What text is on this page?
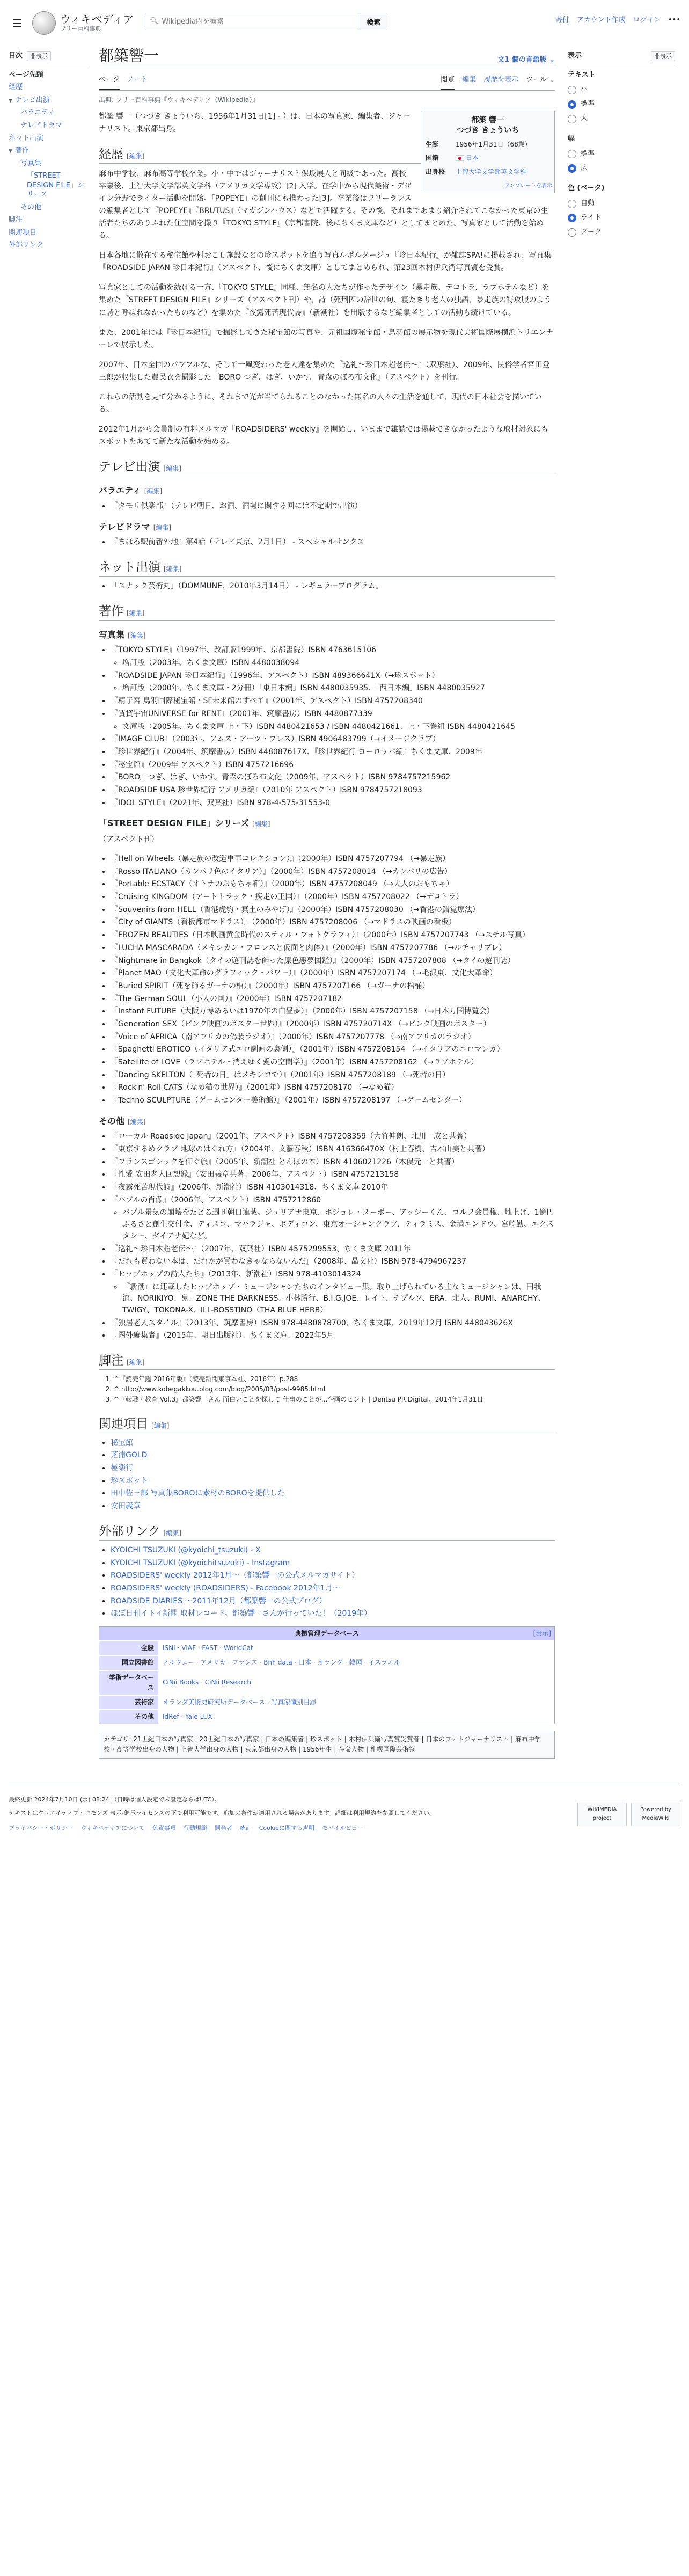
ウィキペディア
フリー百科事典
🔍︎
Wikipedia内を検索	検索	寄付 アカウント作成 ログイン •••
目次	非表示
ページ先頭
経歴
▼ テレビ出演
バラエティ
テレビドラマ
ネット出演
▼ 著作
写真集
「STREET DESIGN FILE」シリーズ
その他
脚注
関連項目
外部リンク
都築響一	文1 個の言語版 ⌄
ページ ノート	閲覧 編集 履歴を表示 ツール ⌄
出典: フリー百科事典『ウィキペディア（Wikipedia）』
都築 響一
つづき きょういち
生誕	1956年1月31日（68歳）
国籍	日本
出身校	上智大学文学部英文学科
テンプレートを表示

都築 響一（つづき きょういち、1956年1月31日[1] - ）は、日本の写真家、編集者、ジャーナリスト。東京都出身。

経歴 [編集]

麻布中学校、麻布高等学校卒業。小・中ではジャーナリスト保坂展人と同級であった。高校卒業後、上智大学文学部英文学科（アメリカ文学専攻）[2] 入学。在学中から現代美術・デザイン分野でライター活動を開始。「POPEYE」の創刊にも携わった[3]。卒業後はフリーランスの編集者として『POPEYE』『BRUTUS』（マガジンハウス）などで活躍する。その後、それまであまり紹介されてこなかった東京の生活者たちのありふれた住空間を撮り『TOKYO STYLE』（京都書院、後にちくま文庫など）としてまとめた。写真家として活動を始める。

日本各地に散在する秘宝館や村おこし施設などの珍スポットを追う写真ルポルタージュ『珍日本紀行』が雑誌SPA!に掲載され、写真集『ROADSIDE JAPAN 珍日本紀行』（アスペクト、後にちくま文庫）としてまとめられ、第23回木村伊兵衛写真賞を受賞。

写真家としての活動を続ける一方、『TOKYO STYLE』同様、無名の人たちが作ったデザイン（暴走族、デコトラ、ラブホテルなど）を集めた『STREET DESIGN FILE』シリーズ（アスペクト刊）や、詩（死刑囚の辞世の句、寝たきり老人の独語、暴走族の特攻服のように詩と呼ばれなかったものなど）を集めた『夜露死苦現代詩』（新潮社）を出版するなど編集者としての活動も続けている。

また、2001年には『珍日本紀行』で撮影してきた秘宝館の写真や、元祖国際秘宝館・鳥羽館の展示物を現代美術国際展横浜トリエンナーレで展示した。

2007年、日本全国のパワフルな、そして一風変わった老人達を集めた『巡礼〜珍日本超老伝〜』（双葉社）、2009年、民俗学者宮田登三郎が収集した農民衣を撮影した『BORO つぎ、はぎ、いかす。青森のぼろ布文化』（アスペクト）を刊行。

これらの活動を見て分かるように、それまで光が当てられることのなかった無名の人々の生活を通して、現代の日本社会を描いている。

2012年1月から会員制の有料メルマガ『ROADSIDERS' weekly』を開始し、いままで雑誌では掲載できなかったような取材対象にもスポットをあてて新たな活動を始める。

テレビ出演 [編集]
バラエティ [編集]
• 『タモリ倶楽部』（テレビ朝日、お酒、酒場に関する回には不定期で出演）
テレビドラマ [編集]
• 『まほろ駅前番外地』第4話（テレビ東京、2月1日） - スペシャルサンクス
ネット出演 [編集]
• 「スナック芸術丸」（DOMMUNE、2010年3月14日） - レギュラープログラム。
著作 [編集]
写真集 [編集]
• 『TOKYO STYLE』（1997年、改訂版1999年、京都書院）ISBN 4763615106
◦ 増訂版（2003年、ちくま文庫）ISBN 4480038094
• 『ROADSIDE JAPAN 珍日本紀行』（1996年、アスペクト）ISBN 489366641X（→珍スポット）
◦ 増訂版（2000年、ちくま文庫・2分冊）「東日本編」ISBN 4480035935、「西日本編」ISBN 4480035927
• 『精子宮 鳥羽国際秘宝館・SF未来館のすべて』（2001年、アスペクト）ISBN 4757208340
• 『賃貸宇宙UNIVERSE for RENT』（2001年、筑摩書房）ISBN 4480877339
◦ 文庫版（2005年、ちくま文庫 上・下）ISBN 4480421653 / ISBN 4480421661、上・下巻組 ISBN 4480421645
• 『IMAGE CLUB』（2003年、アムズ・アーツ・プレス）ISBN 4906483799（→イメージクラブ）
• 『珍世界紀行』（2004年、筑摩書房）ISBN 448087617X、『珍世界紀行 ヨーロッパ編』ちくま文庫、2009年
• 『秘宝館』（2009年 アスペクト）ISBN 4757216696
• 『BORO』つぎ、はぎ、いかす。青森のぼろ布文化（2009年、アスペクト）ISBN 9784757215962
• 『ROADSIDE USA 珍世界紀行 アメリカ編』（2010年 アスペクト）ISBN 9784757218093
• 『IDOL STYLE』（2021年、双葉社）ISBN 978-4-575-31553-0
「STREET DESIGN FILE」シリーズ [編集]

（アスペクト刊）

• 『Hell on Wheels（暴走族の改造単車コレクション）』（2000年）ISBN 4757207794 （→暴走族）
• 『Rosso ITALIANO（カンパリ色のイタリア）』（2000年）ISBN 4757208014 （→カンパリの広告）
• 『Portable ECSTACY（オトナのおもちゃ箱）』（2000年）ISBN 4757208049 （→大人のおもちゃ）
• 『Cruising KINGDOM（アートトラック・疾走の王国）』（2000年）ISBN 4757208022 （→デコトラ）
• 『Souvenirs from HELL（香港虎豹・冥土のみやげ）』（2000年）ISBN 4757208030 （→香港の錯覚療法）
• 『City of GIANTS（看板都市マドラス）』（2000年）ISBN 4757208006 （→マドラスの映画の看板）
• 『FROZEN BEAUTIES（日本映画黄金時代のスティル・フォトグラフィ）』（2000年）ISBN 4757207743 （→スチル写真）
• 『LUCHA MASCARADA（メキシカン・プロレスと仮面と肉体）』（2000年）ISBN 4757207786 （→ルチャリブレ）
• 『Nightmare in Bangkok（タイの遊刊誌を飾った原色悪夢図鑑）』（2000年）ISBN 4757207808 （→タイの遊刊誌）
• 『Planet MAO（文化大革命のグラフィック・パワー）』（2000年）ISBN 4757207174 （→毛沢東、文化大革命）
• 『Buried SPIRIT（死を飾るガーナの棺）』（2000年）ISBN 4757207166 （→ガーナの棺桶）
• 『The German SOUL（小人の国）』（2000年）ISBN 4757207182
• 『Instant FUTURE（大阪万博あるいは1970年の白昼夢）』（2000年）ISBN 4757207158 （→日本万国博覧会）
• 『Generation SEX（ピンク映画のポスター世界）』（2000年）ISBN 475720714X （→ピンク映画のポスター）
• 『Voice of AFRICA（南アフリカの偽装ラジオ）』（2000年）ISBN 4757207778 （→南アフリカのラジオ）
• 『Spaghetti EROTICO（イタリア式エロ劇画の裏側）』（2001年）ISBN 4757208154 （→イタリアのエロマンガ）
• 『Satellite of LOVE（ラブホテル・消えゆく愛の空間学）』（2001年）ISBN 4757208162 （→ラブホテル）
• 『Dancing SKELTON（「死者の日」はメキシコで）』（2001年）ISBN 4757208189 （→死者の日）
• 『Rock'n' Roll CATS（なめ猫の世界）』（2001年）ISBN 4757208170 （→なめ猫）
• 『Techno SCULPTURE（ゲームセンター美術館）』（2001年）ISBN 4757208197 （→ゲームセンター）
その他 [編集]
• 『ローカル Roadside Japan』（2001年、アスペクト）ISBN 4757208359（大竹伸朗、北川一成と共著）
• 『東京するめクラブ 地球のはぐれ方』（2004年、文藝春秋）ISBN 416366470X（村上春樹、吉本由美と共著）
• 『フランスゴシックを仰ぐ旅』（2005年、新潮社 とんぼの本）ISBN 4106021226（木俣元一と共著）
• 『性愛 安田老人回想録』（安田義章共著、2006年、アスペクト）ISBN 4757213158
• 『夜露死苦現代詩』（2006年、新潮社）ISBN 4103014318、ちくま文庫 2010年
• 『バブルの肖像』（2006年、アスペクト）ISBN 4757212860
◦ バブル景気の崩壊をたどる週刊朝日連載。ジュリアナ東京、ボジョレ・ヌーボー、アッシーくん、ゴルフ会員権、地上げ、1億円ふるさと創生交付金、ディスコ、マハラジャ、ボディコン、東京オーシャンクラブ、ティラミス、金満エンドウ、宮崎勤、エクスタシー、ダイアナ妃など。
• 『巡礼〜珍日本超老伝〜』（2007年、双葉社）ISBN 4575299553、ちくま文庫 2011年
• 『だれも買わない本は、だれかが買わなきゃならないんだ』（2008年、晶文社）ISBN 978-4794967237
• 『ヒップホップの詩人たち』（2013年、新潮社）ISBN 978-4103014324
◦ 『新潮』に連載したヒップホップ・ミュージシャンたちのインタビュー集。取り上げられている主なミュージシャンは、田我流、NORIKIYO、鬼、ZONE THE DARKNESS、小林勝行、B.I.G.JOE、レイト、チプルソ、ERA、北人、RUMI、ANARCHY、TWIGY、TOKONA-X、ILL-BOSSTINO（THA BLUE HERB）
• 『独居老人スタイル』（2013年、筑摩書房）ISBN 978-4480878700、ちくま文庫、2019年12月 ISBN 448043626X
• 『圏外編集者』（2015年、朝日出版社）、ちくま文庫、2022年5月
脚注 [編集]
1. ^『読売年鑑 2016年版』（読売新聞東京本社、2016年）p.288
2. ^ http://www.kobegakkou.blog.com/blog/2005/03/post-9985.html
3. ^『転職・教育 Vol.3』都築響一さん 面白いことを探して 仕事のことが...企画のヒント | Dentsu PR Digital、2014年1月31日
関連項目 [編集]
• 秘宝館
• 芝浦GOLD
• 極楽行
• 珍スポット
• 田中佐三郎 写真集BOROに素材のBOROを提供した
• 安田義章
外部リンク [編集]
• KYOICHI TSUZUKI (@kyoichi_tsuzuki) - X
• KYOICHI TSUZUKI (@kyoichitsuzuki) - Instagram
• ROADSIDERS' weekly 2012年1月〜（都築響一の公式メルマガサイト）
• ROADSIDERS' weekly (ROADSIDERS) - Facebook 2012年1月〜
• ROADSIDE DIARIES 〜2011年12月（都築響一の公式ブログ）
• ほぼ日刊イトイ新聞 取材レコード。都築響一さんが行っていた！（2019年）
典拠管理データベース	[表示]
全般	ISNI · VIAF · FAST · WorldCat
国立図書館	ノルウェー · アメリカ · フランス · BnF data · 日本 · オランダ · 韓国 · イスラエル
学術データベース	CiNii Books · CiNii Research
芸術家	オランダ美術史研究所データベース · 写真家識別目録
その他	IdRef · Yale LUX
カテゴリ: 21世紀日本の写真家 | 20世紀日本の写真家 | 日本の編集者 | 珍スポット | 木村伊兵衛写真賞受賞者 | 日本のフォトジャーナリスト | 麻布中学校・高等学校出身の人物 | 上智大学出身の人物 | 東京都出身の人物 | 1956年生 | 存命人物 | 札幌国際芸術祭
表示	非表示
テキスト
小
標準
大
幅
標準
広
色 (ベータ)
自動
ライト
ダーク

最終更新 2024年7月10日 (水) 08:24 （日時は個人設定で未設定ならばUTC）。

テキストはクリエイティブ・コモンズ 表示-継承ライセンスの下で利用可能です。追加の条件が適用される場合があります。詳細は利用規約を参照してください。

プライバシー・ポリシー ウィキペディアについて 免責事項 行動規範 開発者 統計 Cookieに関する声明 モバイルビュー
WIKIMEDIA project
Powered by MediaWiki
